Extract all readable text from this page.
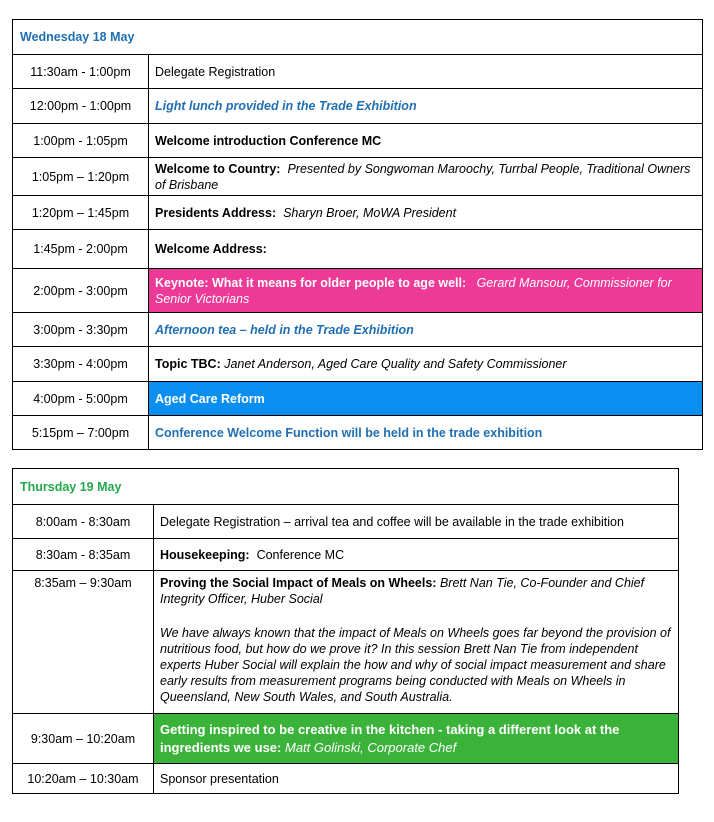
Wednesday 18 May	
11:30am - 1:00pm	Delegate Registration
12:00pm - 1:00pm	Light lunch provided in the Trade Exhibition
1:00pm - 1:05pm	Welcome introduction Conference MC
1:05pm – 1:20pm	Welcome to Country: Presented by Songwoman Maroochy, Turrbal People, Traditional Owners of Brisbane
1:20pm – 1:45pm	Presidents Address: Sharyn Broer, MoWA President
1:45pm - 2:00pm	Welcome Address:
2:00pm - 3:00pm	Keynote: What it means for older people to age well: Gerard Mansour, Commissioner for Senior Victorians
3:00pm - 3:30pm	Afternoon tea – held in the Trade Exhibition
3:30pm - 4:00pm	Topic TBC: Janet Anderson, Aged Care Quality and Safety Commissioner
4:00pm - 5:00pm	Aged Care Reform
5:15pm – 7:00pm	Conference Welcome Function will be held in the trade exhibition
Thursday 19 May	
8:00am - 8:30am	Delegate Registration – arrival tea and coffee will be available in the trade exhibition
8:30am - 8:35am	Housekeeping: Conference MC
8:35am – 9:30am	Proving the Social Impact of Meals on Wheels: Brett Nan Tie, Co-Founder and Chief Integrity Officer, Huber Social

We have always known that the impact of Meals on Wheels goes far beyond the provision of nutritious food, but how do we prove it? In this session Brett Nan Tie from independent experts Huber Social will explain the how and why of social impact measurement and share early results from measurement programs being conducted with Meals on Wheels in Queensland, New South Wales, and South Australia.

9:30am – 10:20am	Getting inspired to be creative in the kitchen - taking a different look at the ingredients we use: Matt Golinski, Corporate Chef
10:20am – 10:30am	Sponsor presentation
